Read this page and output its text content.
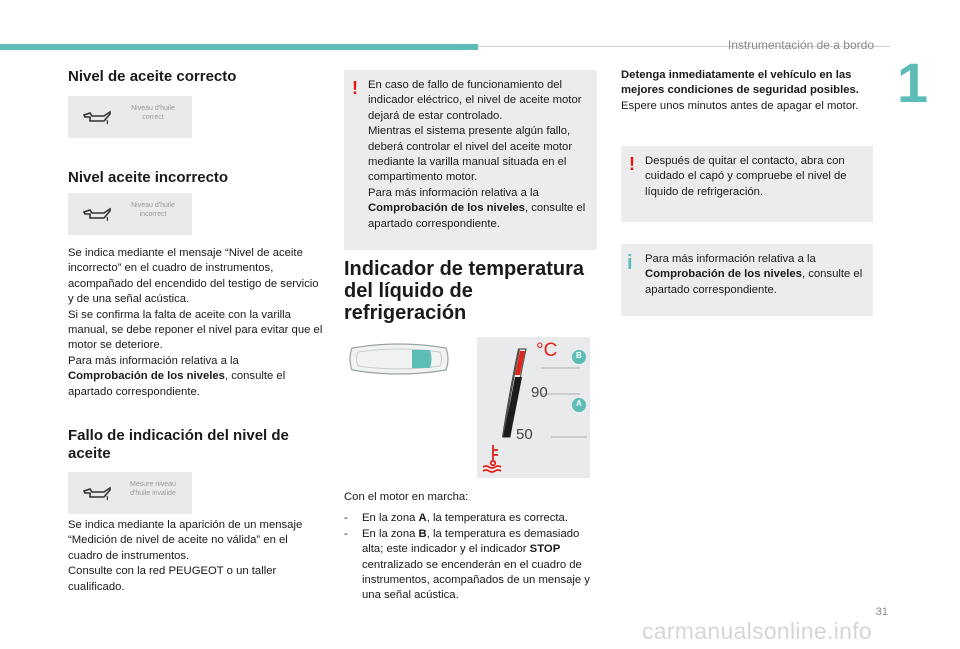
Instrumentación de a bordo
1
Nivel de aceite correcto
Niveau d'huile
correct
Nivel aceite incorrecto
Niveau d'huile
incorrect
Se indica mediante el mensaje “Nivel de aceite incorrecto” en el cuadro de instrumentos, acompañado del encendido del testigo de servicio y de una señal acústica.
Si se confirma la falta de aceite con la varilla manual, se debe reponer el nivel para evitar que el motor se deteriore.
Para más información relativa a la
Comprobación de los niveles, consulte el apartado correspondiente.
Fallo de indicación del nivel de aceite
Mesure niveau
d'huile invalide
Se indica mediante la aparición de un mensaje “Medición de nivel de aceite no válida” en el cuadro de instrumentos.
Consulte con la red PEUGEOT o un taller cualificado.
! En caso de fallo de funcionamiento del indicador eléctrico, el nivel de aceite motor dejará de estar controlado.
Mientras el sistema presente algún fallo, deberá controlar el nivel del aceite motor mediante la varilla manual situada en el compartimento motor.
Para más información relativa a la
Comprobación de los niveles, consulte el apartado correspondiente.
Indicador de temperatura del líquido de refrigeración
°C
90
50
B
A
Con el motor en marcha:
- En la zona A, la temperatura es correcta.
- En la zona B, la temperatura es demasiado alta; este indicador y el indicador STOP centralizado se encenderán en el cuadro de instrumentos, acompañados de un mensaje y una señal acústica.
Detenga inmediatamente el vehículo en las mejores condiciones de seguridad posibles.
Espere unos minutos antes de apagar el motor.
! Después de quitar el contacto, abra con cuidado el capó y compruebe el nivel de líquido de refrigeración.
i Para más información relativa a la
Comprobación de los niveles, consulte el apartado correspondiente.
31
carmanualsonline.info
